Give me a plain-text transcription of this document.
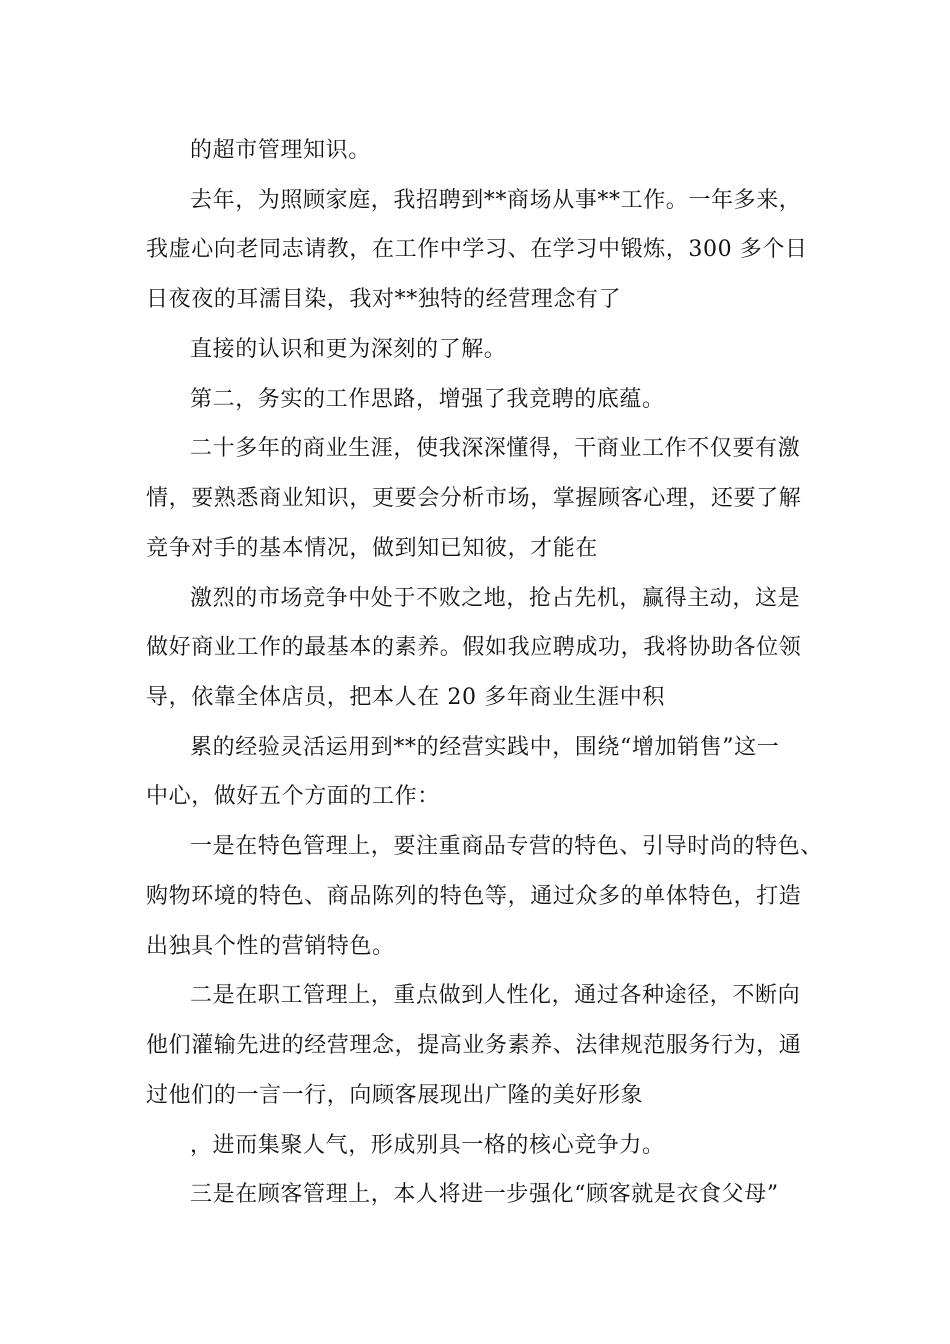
的超市管理知识。
去年，为照顾家庭，我招聘到**商场从事**工作。一年多来，
我虚心向老同志请教，在工作中学习、在学习中锻炼，300 多个日
日夜夜的耳濡目染，我对**独特的经营理念有了
直接的认识和更为深刻的了解。
第二，务实的工作思路，增强了我竞聘的底蕴。
二十多年的商业生涯，使我深深懂得，干商业工作不仅要有激
情，要熟悉商业知识，更要会分析市场，掌握顾客心理，还要了解
竞争对手的基本情况，做到知已知彼，才能在
激烈的市场竞争中处于不败之地，抢占先机，赢得主动，这是
做好商业工作的最基本的素养。假如我应聘成功，我将协助各位领
导，依靠全体店员，把本人在 20 多年商业生涯中积
累的经验灵活运用到**的经营实践中，围绕“增加销售”这一
中心，做好五个方面的工作：
一是在特色管理上，要注重商品专营的特色、引导时尚的特色、
购物环境的特色、商品陈列的特色等，通过众多的单体特色，打造
出独具个性的营销特色。
二是在职工管理上，重点做到人性化，通过各种途径，不断向
他们灌输先进的经营理念，提高业务素养、法律规范服务行为，通
过他们的一言一行，向顾客展现出广隆的美好形象
，进而集聚人气，形成别具一格的核心竞争力。
三是在顾客管理上，本人将进一步强化“顾客就是衣食父母”
